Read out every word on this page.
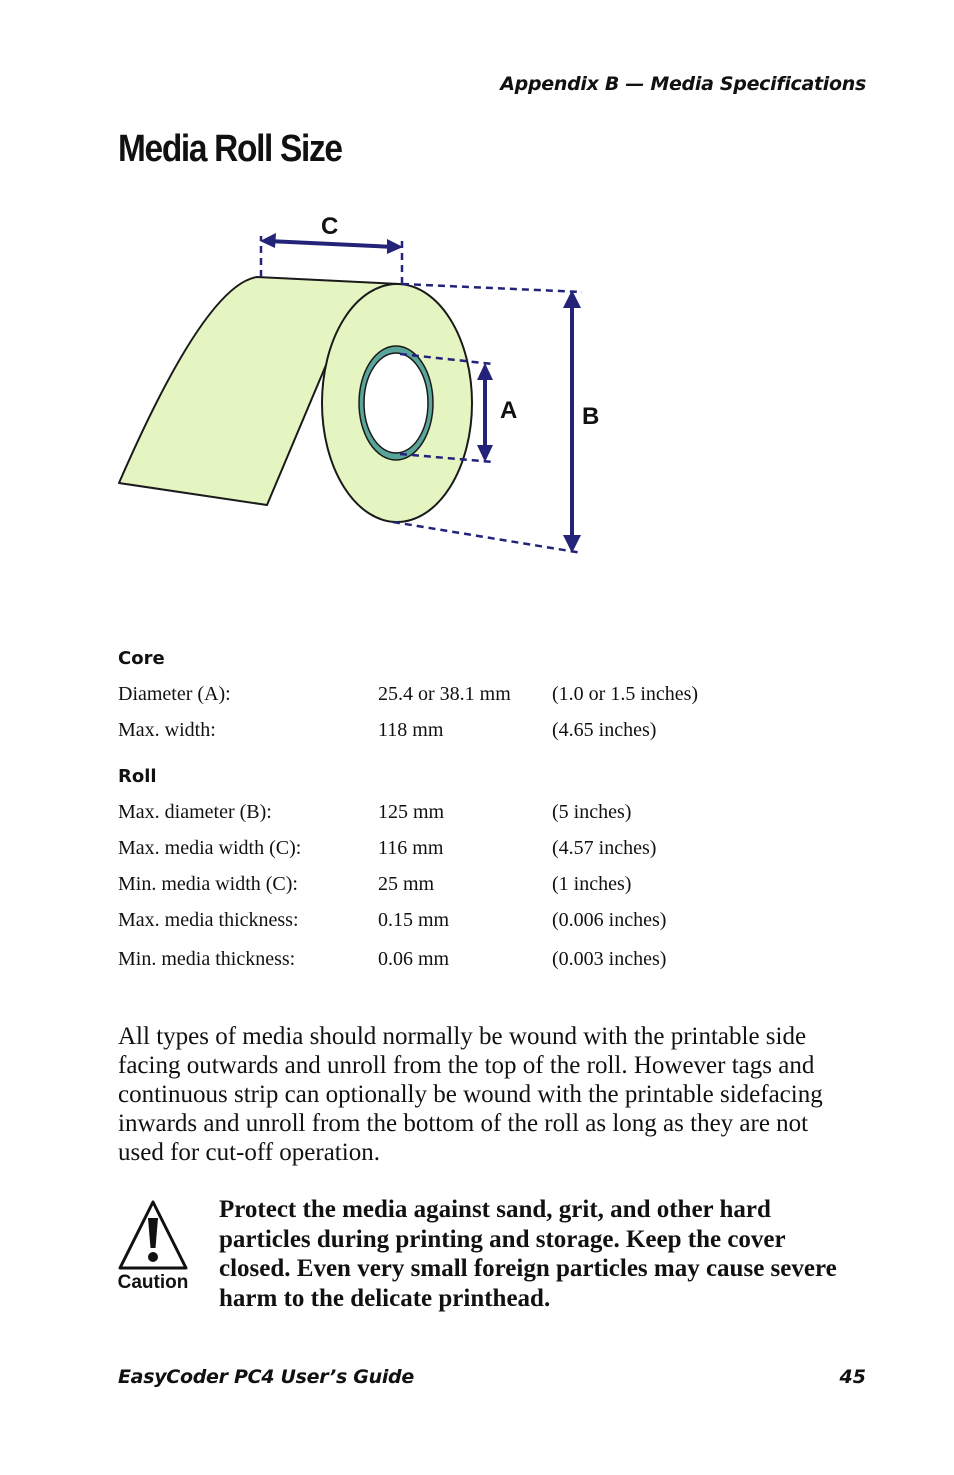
Appendix B — Media Specifications
Media Roll Size
C
A	B
Core
Diameter (A):	25.4 or 38.1 mm (1.0 or 1.5 inches)
Max. width:	118 mm	(4.65 inches)
Roll
Max. diameter (B):	125 mm	(5 inches)
Max. media width (C):	116 mm	(4.57 inches)
Min. media width (C):	25 mm	(1 inches)
Max. media thickness:	0.15 mm	(0.006 inches)
Min. media thickness:	0.06 mm	(0.003 inches)

All types of media should normally be wound with the printable side facing outwards and unroll from the top of the roll. However tags and continuous strip can optionally be wound with the printable sidefacing inwards and unroll from the bottom of the roll as long as they are not used for cut-off operation.

Caution

Protect the media against sand, grit, and other hard particles during printing and storage. Keep the cover closed. Even very small foreign particles may cause severe harm to the delicate printhead.

EasyCoder PC4 User’s Guide	45
